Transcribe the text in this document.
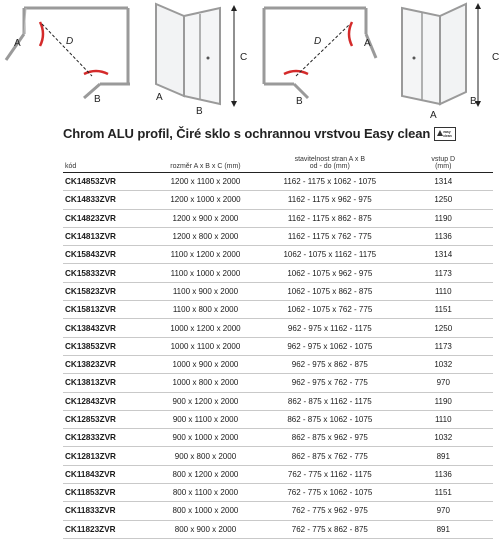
A	D
B
C
A
B
D	A
B
C
A
B
Chrom ALU profil, Čiré sklo s ochrannou vrstvou Easy clean	easy
clean
kód	rozměr A x B x C (mm)	stavitelnost stran A x B
od - do (mm)	vstup D
(mm)
CK14853ZVR	1200 x 1100 x 2000	1162 - 1175 x 1062 - 1075	1314
CK14833ZVR	1200 x 1000 x 2000	1162 - 1175 x 962 - 975	1250
CK14823ZVR	1200 x 900 x 2000	1162 - 1175 x 862 - 875	1190
CK14813ZVR	1200 x 800 x 2000	1162 - 1175 x 762 - 775	1136
CK15843ZVR	1100 x 1200 x 2000	1062 - 1075 x 1162 - 1175	1314
CK15833ZVR	1100 x 1000 x 2000	1062 - 1075 x 962 - 975	1173
CK15823ZVR	1100 x 900 x 2000	1062 - 1075 x 862 - 875	1110
CK15813ZVR	1100 x 800 x 2000	1062 - 1075 x 762 - 775	1151
CK13843ZVR	1000 x 1200 x 2000	962 - 975 x 1162 - 1175	1250
CK13853ZVR	1000 x 1100 x 2000	962 - 975 x 1062 - 1075	1173
CK13823ZVR	1000 x 900 x 2000	962 - 975 x 862 - 875	1032
CK13813ZVR	1000 x 800 x 2000	962 - 975 x 762 - 775	970
CK12843ZVR	900 x 1200 x 2000	862 - 875 x 1162 - 1175	1190
CK12853ZVR	900 x 1100 x 2000	862 - 875 x 1062 - 1075	1110
CK12833ZVR	900 x 1000 x 2000	862 - 875 x 962 - 975	1032
CK12813ZVR	900 x 800 x 2000	862 - 875 x 762 - 775	891
CK11843ZVR	800 x 1200 x 2000	762 - 775 x 1162 - 1175	1136
CK11853ZVR	800 x 1100 x 2000	762 - 775 x 1062 - 1075	1151
CK11833ZVR	800 x 1000 x 2000	762 - 775 x 962 - 975	970
CK11823ZVR	800 x 900 x 2000	762 - 775 x 862 - 875	891
